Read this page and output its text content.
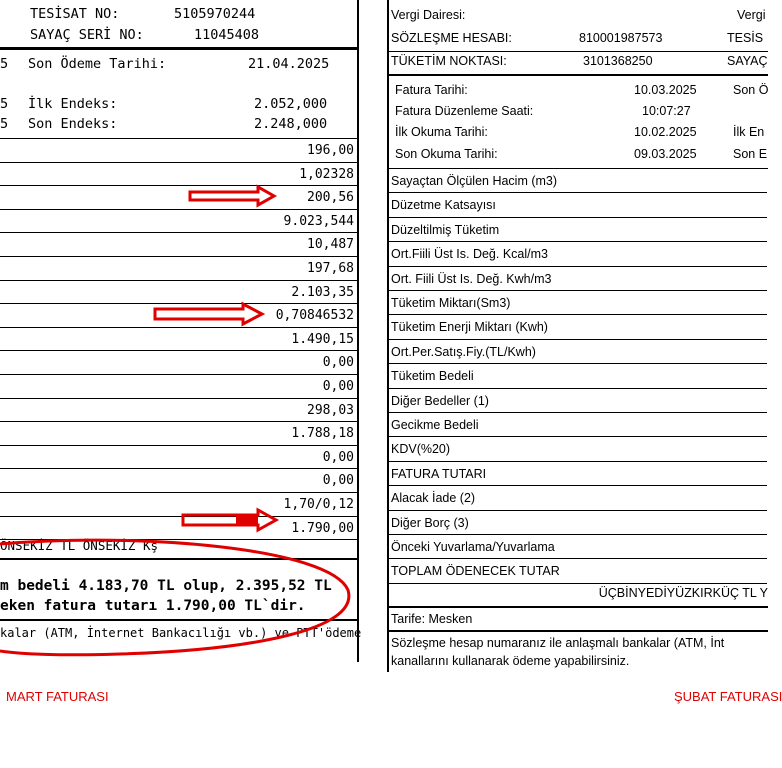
TESİSAT NO:	5105970244
SAYAÇ SERİ NO:	11045408
5 Son Ödeme Tarihi:	21.04.2025
5 İlk Endeks:	2.052,000
5 Son Endeks:	2.248,000
196,00
1,02328
200,56
9.023,544
10,487
197,68
2.103,35
0,70846532
1.490,15
0,00
0,00
298,03
1.788,18
0,00
0,00
1,70/0,12
1.790,00
ÖNSEKİZ TL ÖNSEKİZ Kş
m bedeli 4.183,70 TL olup, 2.395,52 TL
eken fatura tutarı 1.790,00 TL`dir.
kalar (ATM, İnternet Bankacılığı vb.) ve PTT'ödeme
Vergi Dairesi:	Vergi
SÖZLEŞME HESABI:	810001987573	TESİS
TÜKETİM NOKTASI:	3101368250	SAYAÇ
Fatura Tarihi:	10.03.2025	Son Ö
Fatura Düzenleme Saati:	10:07:27
İlk Okuma Tarihi:	10.02.2025	İlk En
Son Okuma Tarihi:	09.03.2025	Son E
Sayaçtan Ölçülen Hacim (m3)
Düzetme Katsayısı
Düzeltilmiş Tüketim
Ort.Fiili Üst Is. Değ. Kcal/m3
Ort. Fiili Üst Is. Değ. Kwh/m3
Tüketim Miktarı(Sm3)
Tüketim Enerji Miktarı (Kwh)
Ort.Per.Satış.Fiy.(TL/Kwh)
Tüketim Bedeli
Diğer Bedeller (1)
Gecikme Bedeli
KDV(%20)
FATURA TUTARI
Alacak İade (2)
Diğer Borç (3)
Önceki Yuvarlama/Yuvarlama
TOPLAM ÖDENECEK TUTAR
ÜÇBİNYEDİYÜZKIRKÜÇ TL Y
Tarife: Mesken
Sözleşme hesap numaranız ile anlaşmalı bankalar (ATM, İnt
kanallarını kullanarak ödeme yapabilirsiniz.
MART FATURASI	ŞUBAT FATURASI
